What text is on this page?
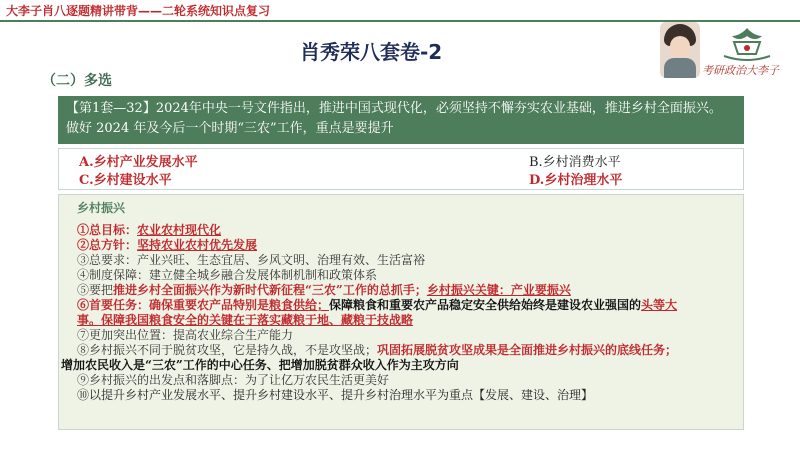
大李子肖八逐题精讲带背——二轮系统知识点复习
考研政治大李子
肖秀荣八套卷-2
（二）多选
【第1套—32】2024年中央一号文件指出，推进中国式现代化，必须坚持不懈夯实农业基础，推进乡村全面振兴。做好 2024 年及今后一个时期“三农”工作，重点是要提升
A.乡村产业发展水平	B.乡村消费水平
C.乡村建设水平	D.乡村治理水平
乡村振兴
①总目标：农业农村现代化
②总方针：坚持农业农村优先发展
③总要求：产业兴旺、生态宜居、乡风文明、治理有效、生活富裕
④制度保障：建立健全城乡融合发展体制机制和政策体系
⑤要把推进乡村全面振兴作为新时代新征程“三农”工作的总抓手；乡村振兴关键：产业要振兴
⑥首要任务：确保重要农产品特别是粮食供给；保障粮食和重要农产品稳定安全供给始终是建设农业强国的头等大
事。保障我国粮食安全的关键在于落实藏粮于地、藏粮于技战略
⑦更加突出位置：提高农业综合生产能力
⑧乡村振兴不同于脱贫攻坚，它是持久战，不是攻坚战；巩固拓展脱贫攻坚成果是全面推进乡村振兴的底线任务；
增加农民收入是“三农”工作的中心任务、把增加脱贫群众收入作为主攻方向
⑨乡村振兴的出发点和落脚点：为了让亿万农民生活更美好
⑩以提升乡村产业发展水平、提升乡村建设水平、提升乡村治理水平为重点【发展、建设、治理】
